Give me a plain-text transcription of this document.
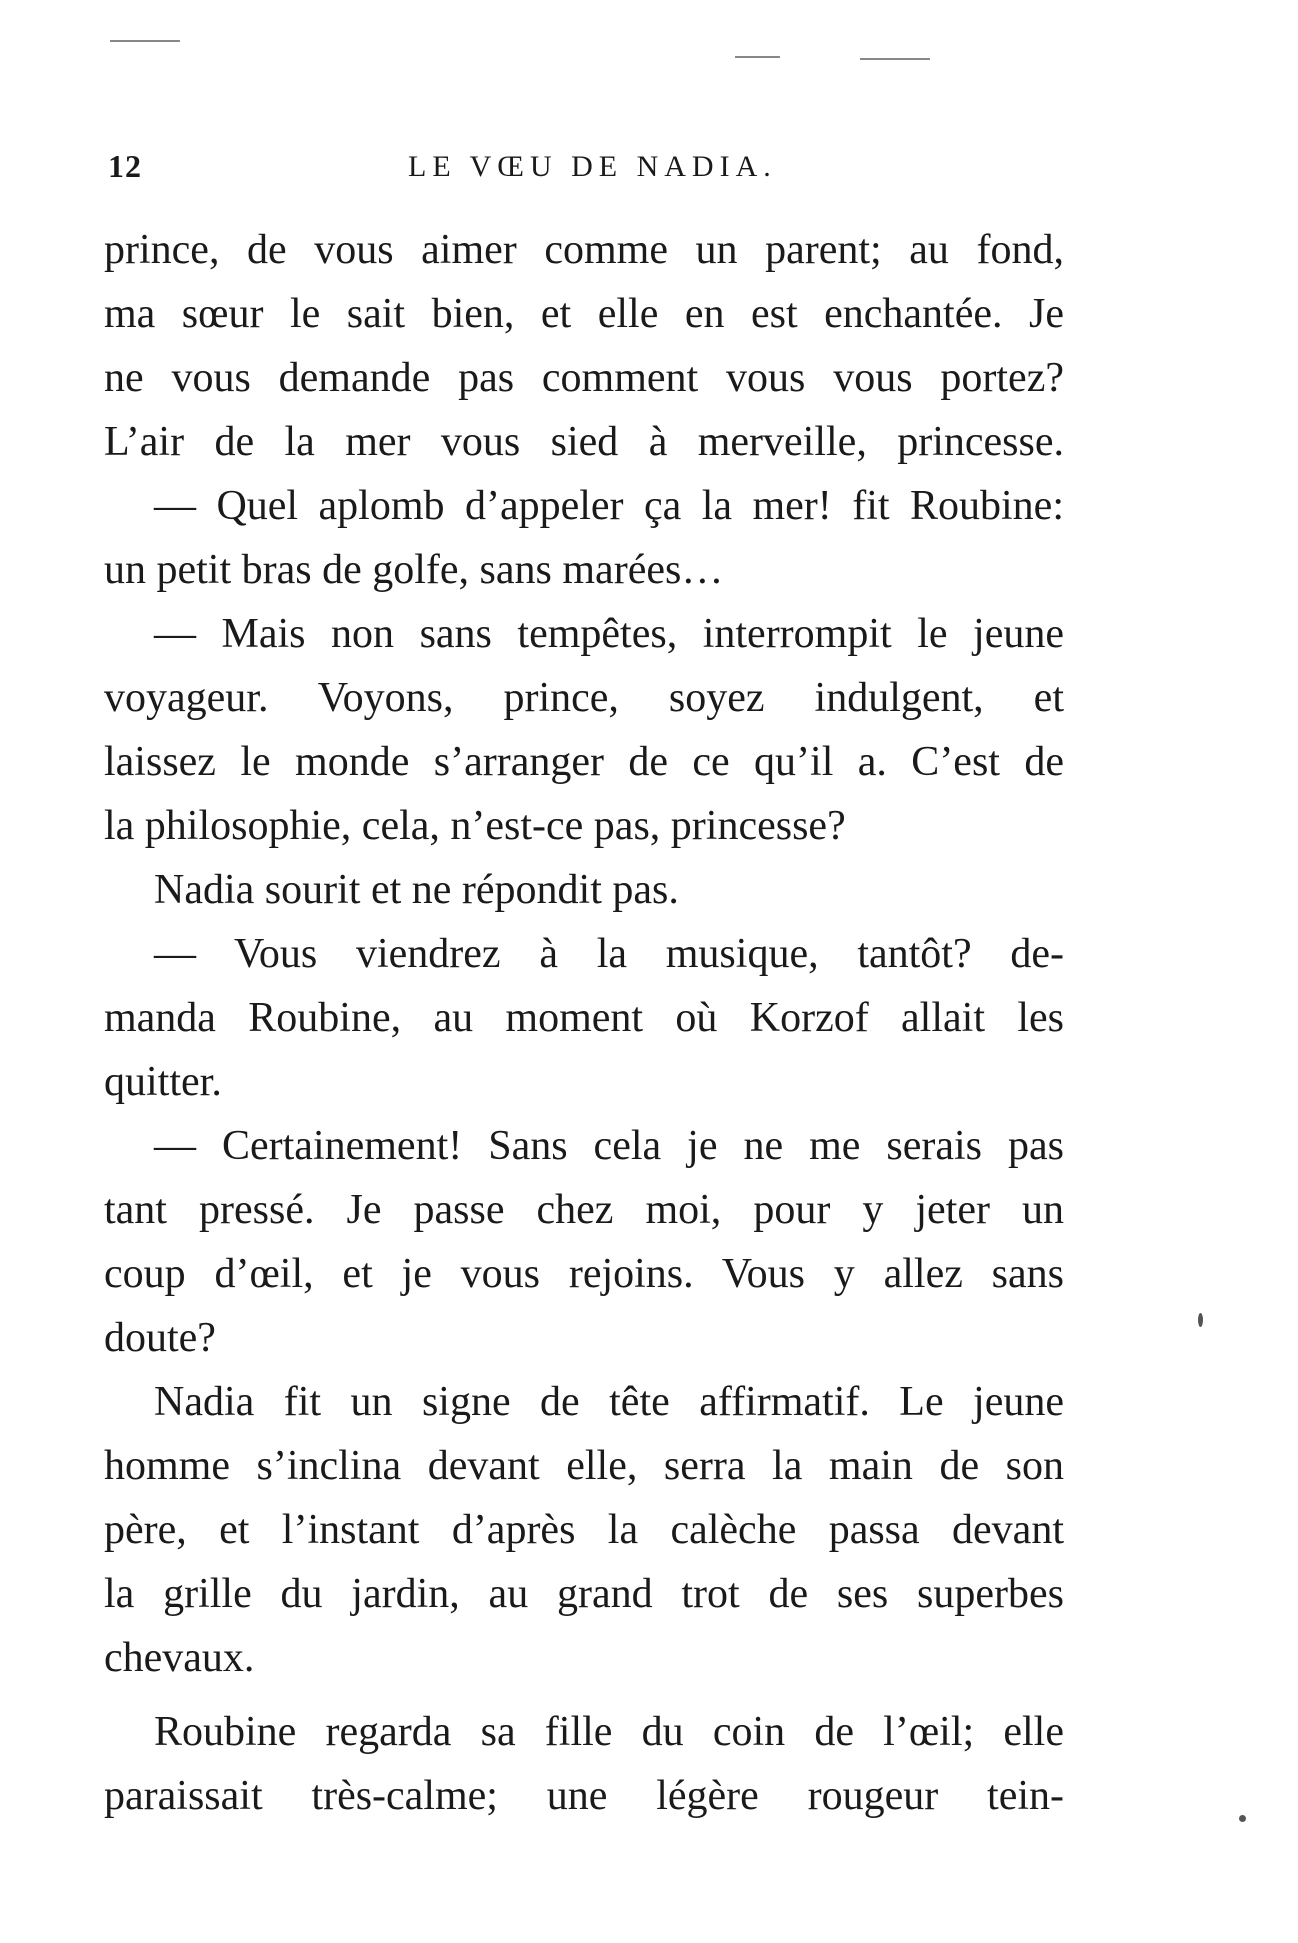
12	LE VŒU DE NADIA.
prince, de vous aimer comme un parent; au fond,
ma sœur le sait bien, et elle en est enchantée. Je
ne vous demande pas comment vous vous portez?
L’air de la mer vous sied à merveille, princesse.
— Quel aplomb d’appeler ça la mer! fit Roubine:
un petit bras de golfe, sans marées…
— Mais non sans tempêtes, interrompit le jeune
voyageur. Voyons, prince, soyez indulgent, et
laissez le monde s’arranger de ce qu’il a. C’est de
la philosophie, cela, n’est-ce pas, princesse?
Nadia sourit et ne répondit pas.
— Vous viendrez à la musique, tantôt? de-
manda Roubine, au moment où Korzof allait les
quitter.
— Certainement! Sans cela je ne me serais pas
tant pressé. Je passe chez moi, pour y jeter un
coup d’œil, et je vous rejoins. Vous y allez sans
doute?
Nadia fit un signe de tête affirmatif. Le jeune
homme s’inclina devant elle, serra la main de son
père, et l’instant d’après la calèche passa devant
la grille du jardin, au grand trot de ses superbes
chevaux.
Roubine regarda sa fille du coin de l’œil; elle
paraissait très-calme; une légère rougeur tein-
